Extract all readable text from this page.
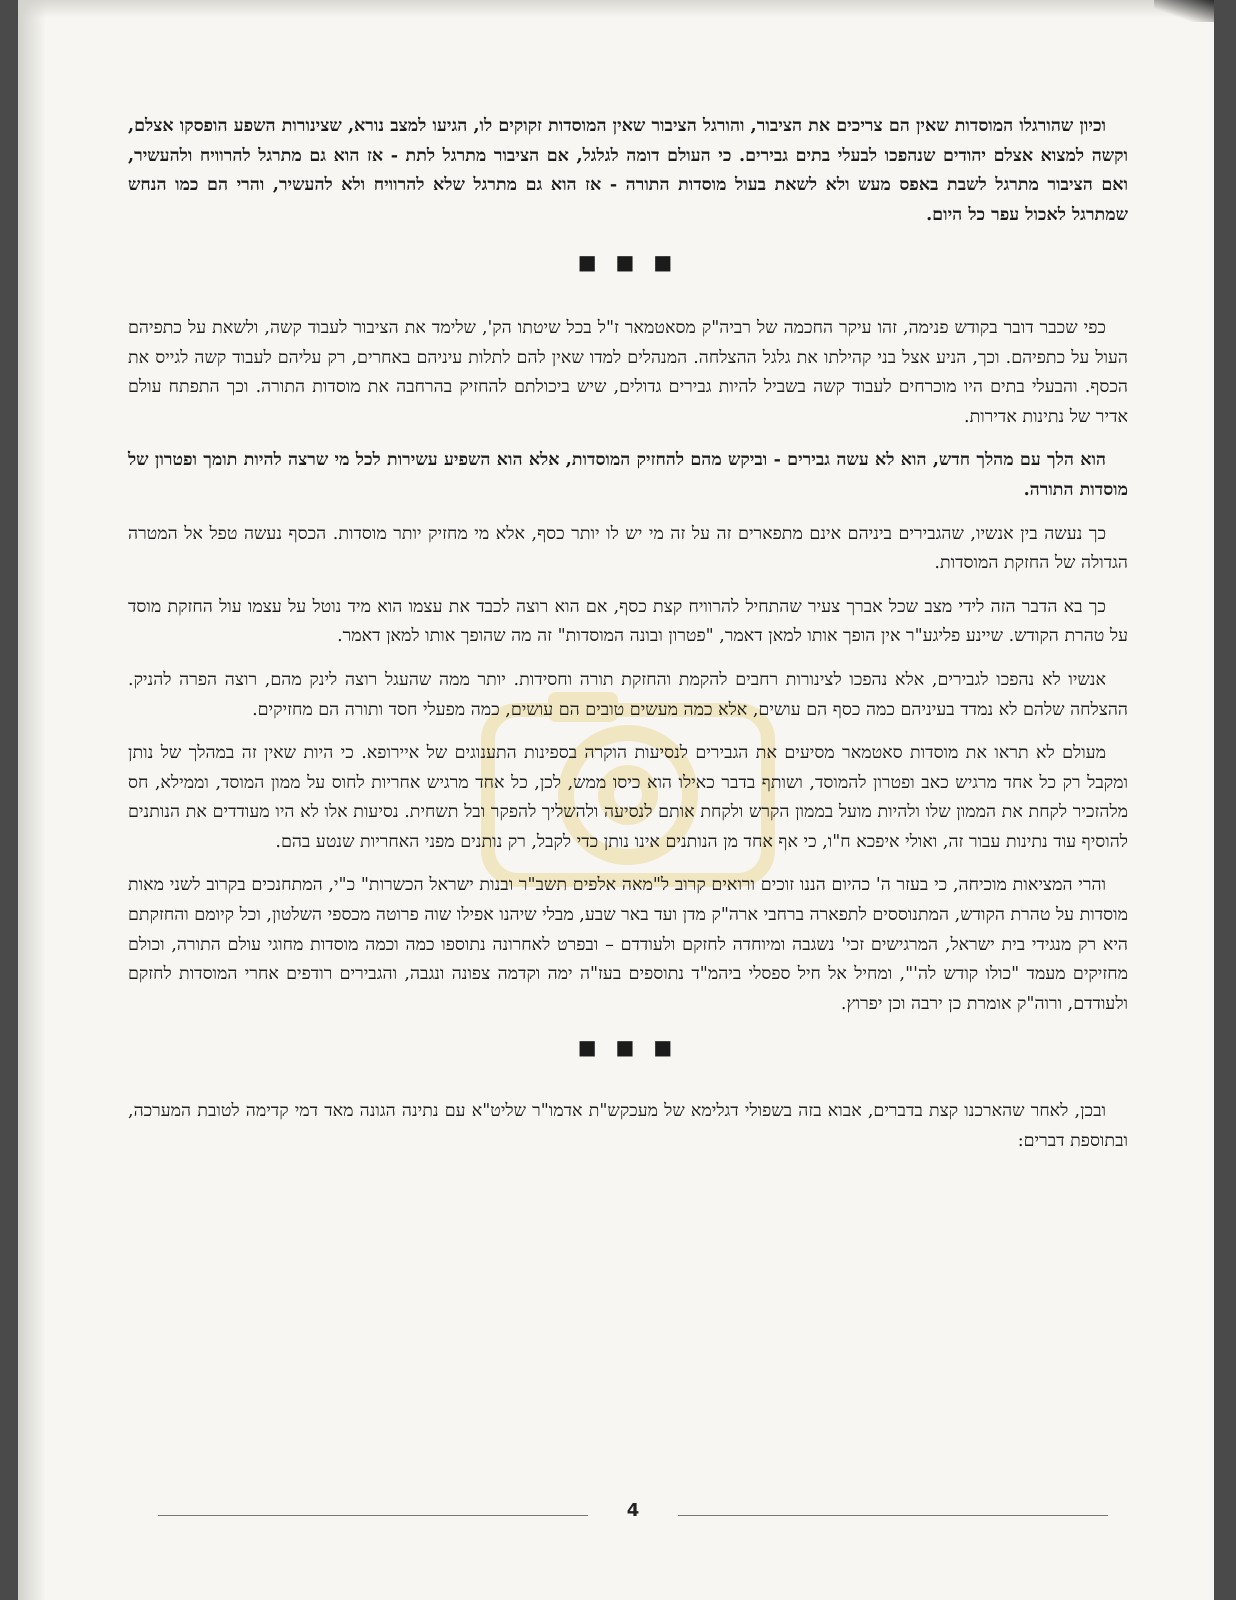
וכיון שהורגלו המוסדות שאין הם צריכים את הציבור, והורגל הציבור שאין המוסדות זקוקים לו, הגיעו למצב נורא, שצינורות השפע הופסקו אצלם, וקשה למצוא אצלם יהודים שנהפכו לבעלי בתים גבירים. כי העולם דומה לגלגל, אם הציבור מתרגל לתת - אז הוא גם מתרגל להרוויח ולהעשיר, ואם הציבור מתרגל לשבת באפס מעש ולא לשאת בעול מוסדות התורה - אז הוא גם מתרגל שלא להרוויח ולא להעשיר, והרי הם כמו הנחש שמתרגל לאכול עפר כל היום.

■ ■ ■

כפי שכבר דובר בקודש פנימה, זהו עיקר החכמה של רביה"ק מסאטמאר ז"ל בכל שיטתו הק', שלימד את הציבור לעבוד קשה, ולשאת על כתפיהם העול על כתפיהם. וכך, הניע אצל בני קהילתו את גלגל ההצלחה. המנהלים למדו שאין להם לתלות עיניהם באחרים, רק עליהם לעבוד קשה לגייס את הכסף. והבעלי בתים היו מוכרחים לעבוד קשה בשביל להיות גבירים גדולים, שיש ביכולתם להחזיק בהרחבה את מוסדות התורה. וכך התפתח עולם אדיר של נתינות אדירות.

הוא הלך עם מהלך חדש, הוא לא עשה גבירים - וביקש מהם להחזיק המוסדות, אלא הוא השפיע עשירות לכל מי שרצה להיות תומך ופטרון של מוסדות התורה.

כך נעשה בין אנשיו, שהגבירים ביניהם אינם מתפארים זה על זה מי יש לו יותר כסף, אלא מי מחזיק יותר מוסדות. הכסף נעשה טפל אל המטרה הגדולה של החזקת המוסדות.

כך בא הדבר הזה לידי מצב שכל אברך צעיר שהתחיל להרוויח קצת כסף, אם הוא רוצה לכבד את עצמו הוא מיד נוטל על עצמו עול החזקת מוסד על טהרת הקודש. שיינע פליגע"ר אין הופך אותו למאן דאמר, "פטרון ובונה המוסדות" זה מה שהופך אותו למאן דאמר.

אנשיו לא נהפכו לגבירים, אלא נהפכו לצינורות רחבים להקמת והחזקת תורה וחסידות. יותר ממה שהעגל רוצה לינק מהם, רוצה הפרה להניק. ההצלחה שלהם לא נמדד בעיניהם כמה כסף הם עושים, אלא כמה מעשים טובים הם עושים, כמה מפעלי חסד ותורה הם מחזיקים.

מעולם לא תראו את מוסדות סאטמאר מסיעים את הגבירים לנסיעות הוקרה בספינות התענוגים של איירופא. כי היות שאין זה במהלך של נותן ומקבל רק כל אחד מרגיש כאב ופטרון להמוסד, ושותף בדבר כאילו הוא כיסו ממש, לכן, כל אחד מרגיש אחריות לחוס על ממון המוסד, וממילא, חס מלהזכיר לקחת את הממון שלו ולהיות מועל בממון הקרש ולקחת אותם לנסיעה ולהשליך להפקר ובל תשחית. נסיעות אלו לא היו מעודדים את הנותנים להוסיף עוד נתינות עבור זה, ואולי איפכא ח"ו, כי אף אחד מן הנותנים אינו נותן כדי לקבל, רק נותנים מפני האחריות שנטע בהם.

והרי המציאות מוכיחה, כי בעזר ה' כהיום הננו זוכים ורואים קרוב ל"מאה אלפים תשב"ר ובנות ישראל הכשרות" כ"י, המתחנכים בקרוב לשני מאות מוסדות על טהרת הקודש, המתנוססים לתפארה ברחבי ארה"ק מדן ועד באר שבע, מבלי שיהנו אפילו שוה פרוטה מכספי השלטון, וכל קיומם והחזקתם היא רק מנגידי בית ישראל, המרגישים זכי' נשגבה ומיוחדה לחזקם ולעודדם – ובפרט לאחרונה נתוספו כמה וכמה מוסדות מחוגי עולם התורה, וכולם מחזיקים מעמד "כולו קודש לה'", ומחיל אל חיל ספסלי ביהמ"ד נתוספים בעז"ה ימה וקדמה צפונה ונגבה, והגבירים רודפים אחרי המוסדות לחזקם ולעודדם, ורוה"ק אומרת כן ירבה וכן יפרוץ.

■ ■ ■

ובכן, לאחר שהארכנו קצת בדברים, אבוא בזה בשפולי דגלימא של מעכקש"ת אדמו"ר שליט"א עם נתינה הגונה מאד דמי קדימה לטובת המערכה, ובתוספת דברים:

4
